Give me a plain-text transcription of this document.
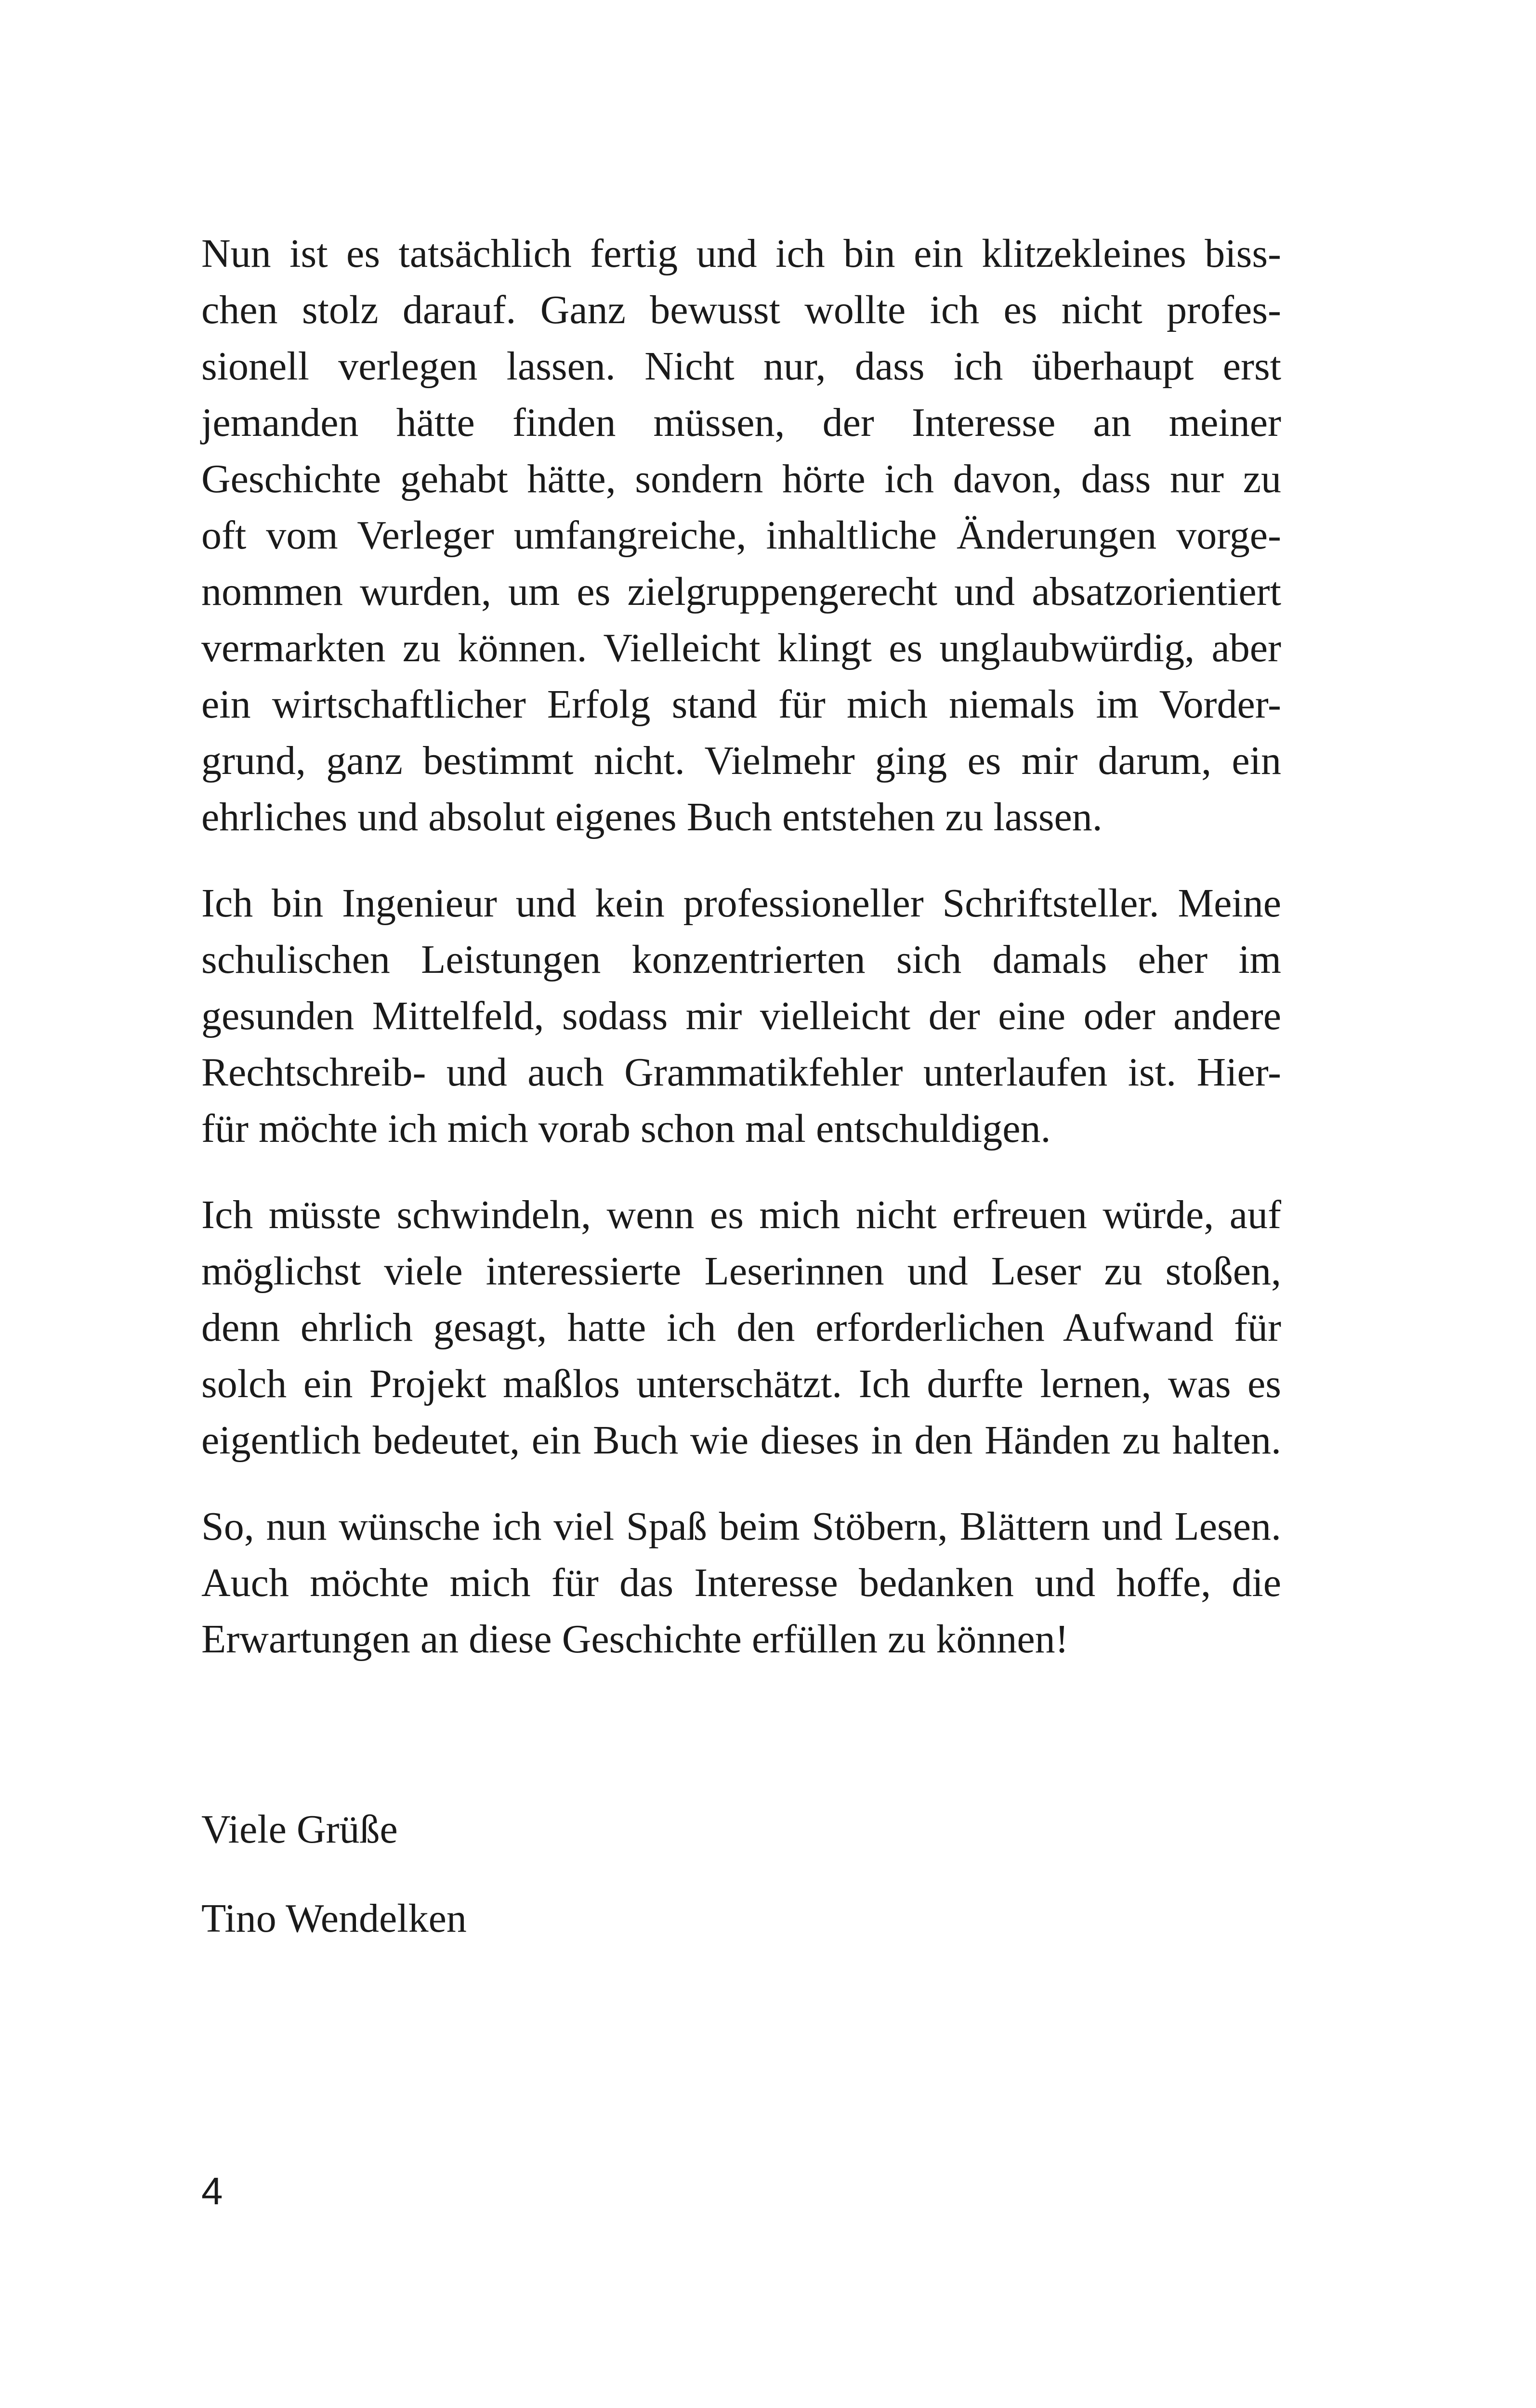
Nun ist es tatsächlich fertig und ich bin ein klitzekleines biss-
chen stolz darauf. Ganz bewusst wollte ich es nicht profes-
sionell verlegen lassen. Nicht nur, dass ich überhaupt erst
jemanden hätte finden müssen, der Interesse an meiner
Geschichte gehabt hätte, sondern hörte ich davon, dass nur zu
oft vom Verleger umfangreiche, inhaltliche Änderungen vorge-
nommen wurden, um es zielgruppengerecht und absatzorientiert
vermarkten zu können. Vielleicht klingt es unglaubwürdig, aber
ein wirtschaftlicher Erfolg stand für mich niemals im Vorder-
grund, ganz bestimmt nicht. Vielmehr ging es mir darum, ein
ehrliches und absolut eigenes Buch entstehen zu lassen.

Ich bin Ingenieur und kein professioneller Schriftsteller. Meine
schulischen Leistungen konzentrierten sich damals eher im
gesunden Mittelfeld, sodass mir vielleicht der eine oder andere
Rechtschreib- und auch Grammatikfehler unterlaufen ist. Hier-
für möchte ich mich vorab schon mal entschuldigen.

Ich müsste schwindeln, wenn es mich nicht erfreuen würde, auf
möglichst viele interessierte Leserinnen und Leser zu stoßen,
denn ehrlich gesagt, hatte ich den erforderlichen Aufwand für
solch ein Projekt maßlos unterschätzt. Ich durfte lernen, was es
eigentlich bedeutet, ein Buch wie dieses in den Händen zu halten.

So, nun wünsche ich viel Spaß beim Stöbern, Blättern und Lesen.
Auch möchte mich für das Interesse bedanken und hoffe, die
Erwartungen an diese Geschichte erfüllen zu können!

Viele Grüße
Tino Wendelken
4
